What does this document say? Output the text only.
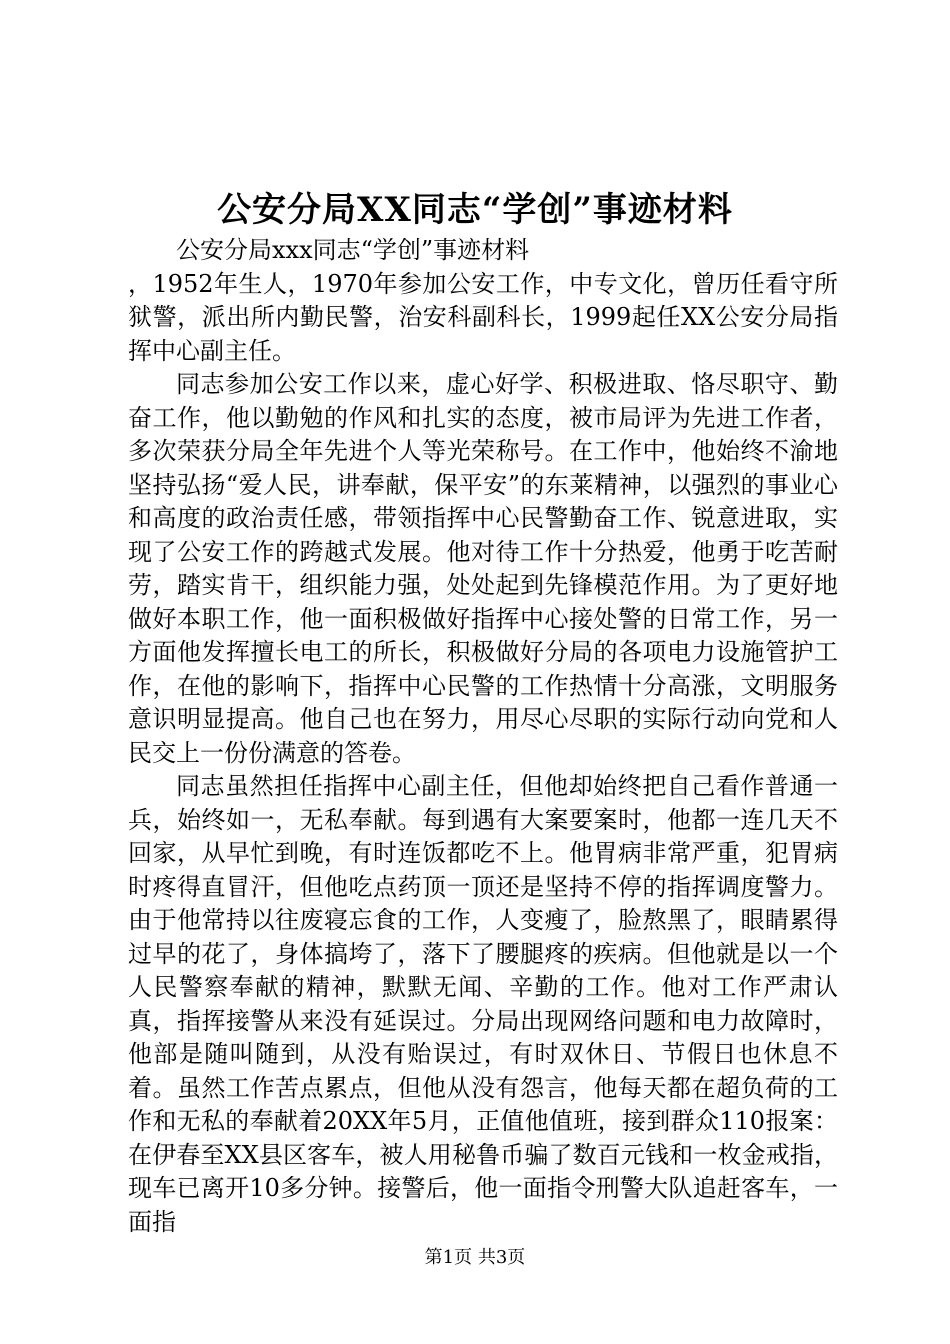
公安分局XX同志“学创”事迹材料

公安分局xxx同志“学创”事迹材料

，1952年生人，1970年参加公安工作，中专文化，曾历任看守所狱警，派出所内勤民警，治安科副科长，1999起任XX公安分局指挥中心副主任。

同志参加公安工作以来，虚心好学、积极进取、恪尽职守、勤奋工作，他以勤勉的作风和扎实的态度，被市局评为先进工作者，多次荣获分局全年先进个人等光荣称号。在工作中，他始终不渝地坚持弘扬“爱人民，讲奉献，保平安”的东莱精神，以强烈的事业心和高度的政治责任感，带领指挥中心民警勤奋工作、锐意进取，实现了公安工作的跨越式发展。他对待工作十分热爱，他勇于吃苦耐劳，踏实肯干，组织能力强，处处起到先锋模范作用。为了更好地做好本职工作，他一面积极做好指挥中心接处警的日常工作，另一方面他发挥擅长电工的所长，积极做好分局的各项电力设施管护工作，在他的影响下，指挥中心民警的工作热情十分高涨，文明服务意识明显提高。他自己也在努力，用尽心尽职的实际行动向党和人民交上一份份满意的答卷。

同志虽然担任指挥中心副主任，但他却始终把自己看作普通一兵，始终如一，无私奉献。每到遇有大案要案时，他都一连几天不回家，从早忙到晚，有时连饭都吃不上。他胃病非常严重，犯胃病时疼得直冒汗，但他吃点药顶一顶还是坚持不停的指挥调度警力。由于他常持以往废寝忘食的工作，人变瘦了，脸熬黑了，眼睛累得过早的花了，身体搞垮了，落下了腰腿疼的疾病。但他就是以一个人民警察奉献的精神，默默无闻、辛勤的工作。他对工作严肃认真，指挥接警从来没有延误过。分局出现网络问题和电力故障时，他部是随叫随到，从没有贻误过，有时双休日、节假日也休息不着。虽然工作苦点累点，但他从没有怨言，他每天都在超负荷的工作和无私的奉献着20XX年5月，正值他值班，接到群众110报案：在伊春至XX县区客车，被人用秘鲁币骗了数百元钱和一枚金戒指，现车已离开10多分钟。接警后，他一面指令刑警大队追赶客车，一面指

第1页 共3页
